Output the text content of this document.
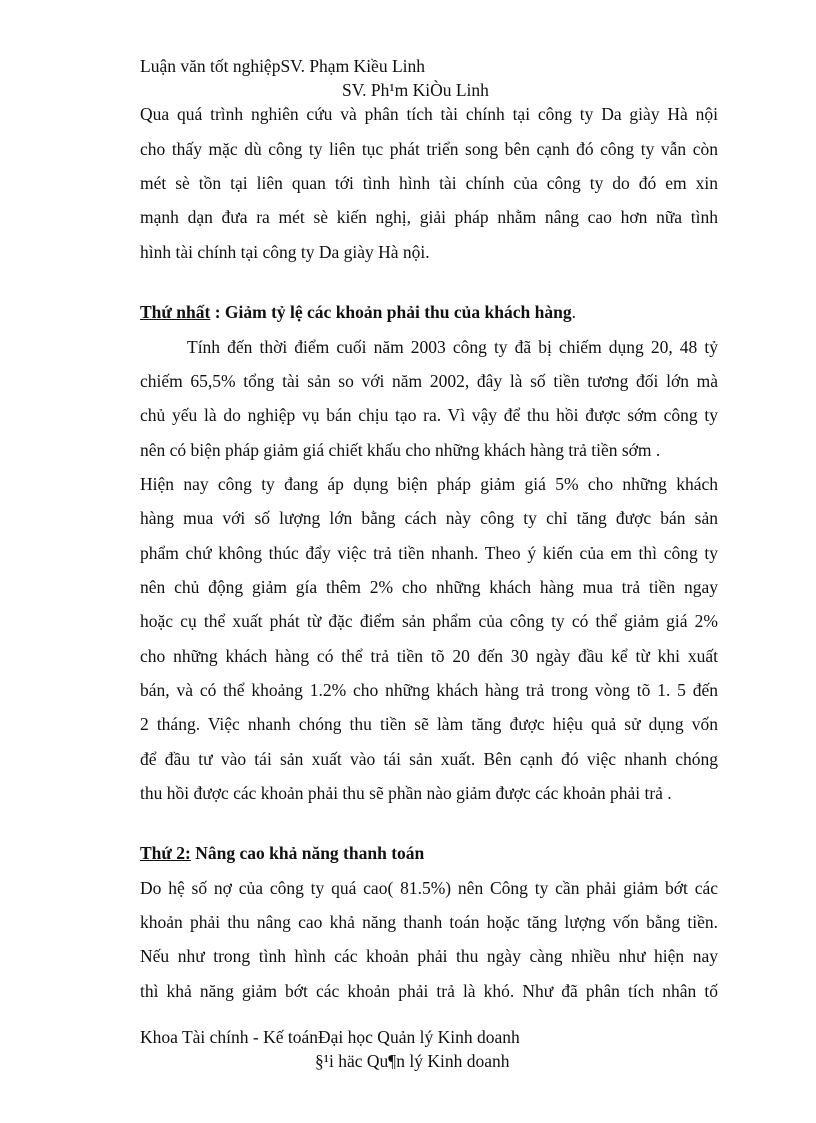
Luận văn tốt nghiệpSV. Phạm Kiều Linh
SV. Ph¹m KiÒu Linh
Qua quá trình nghiên cứu và phân tích tài chính tại công ty Da giày Hà nội
cho thấy mặc dù công ty liên tục phát triển song bên cạnh đó công ty vẫn còn
mét sè tồn tại liên quan tới tình hình tài chính của công ty do đó em xin
mạnh dạn đưa ra mét sè kiến nghị, giải pháp nhằm nâng cao hơn nữa tình
hình tài chính tại công ty Da giày Hà nội.
Thứ nhất : Giảm tỷ lệ các khoản phải thu của khách hàng.
Tính đến thời điểm cuối năm 2003 công ty đã bị chiếm dụng 20, 48 tỷ
chiếm 65,5% tổng tài sản so với năm 2002, đây là số tiền tương đối lớn mà
chủ yếu là do nghiệp vụ bán chịu tạo ra. Vì vậy để thu hồi được sớm công ty
nên có biện pháp giảm giá chiết khấu cho những khách hàng trả tiền sớm .
Hiện nay công ty đang áp dụng biện pháp giảm giá 5% cho những khách
hàng mua với số lượng lớn bằng cách này công ty chỉ tăng được bán sản
phẩm chứ không thúc đẩy việc trả tiền nhanh. Theo ý kiến của em thì công ty
nên chủ động giảm gía thêm 2% cho những khách hàng mua trả tiền ngay
hoặc cụ thể xuất phát từ đặc điểm sản phẩm của công ty có thể giảm giá 2%
cho những khách hàng có thể trả tiền tõ 20 đến 30 ngày đầu kể từ khi xuất
bán, và có thể khoảng 1.2% cho những khách hàng trả trong vòng tõ 1. 5 đến
2 tháng. Việc nhanh chóng thu tiền sẽ làm tăng được hiệu quả sử dụng vốn
để đầu tư vào tái sản xuất vào tái sản xuất. Bên cạnh đó việc nhanh chóng
thu hồi được các khoản phải thu sẽ phần nào giảm được các khoản phải trả .
Thứ 2: Nâng cao khả năng thanh toán
Do hệ số nợ của công ty quá cao( 81.5%) nên Công ty cần phải giảm bớt các
khoản phải thu nâng cao khả năng thanh toán hoặc tăng lượng vốn bằng tiền.
Nếu như trong tình hình các khoản phải thu ngày càng nhiều như hiện nay
thì khả năng giảm bớt các khoản phải trả là khó. Như đã phân tích nhân tố
Khoa Tài chính - Kế toánĐại học Quản lý Kinh doanh
§¹i häc Qu¶n lý Kinh doanh
